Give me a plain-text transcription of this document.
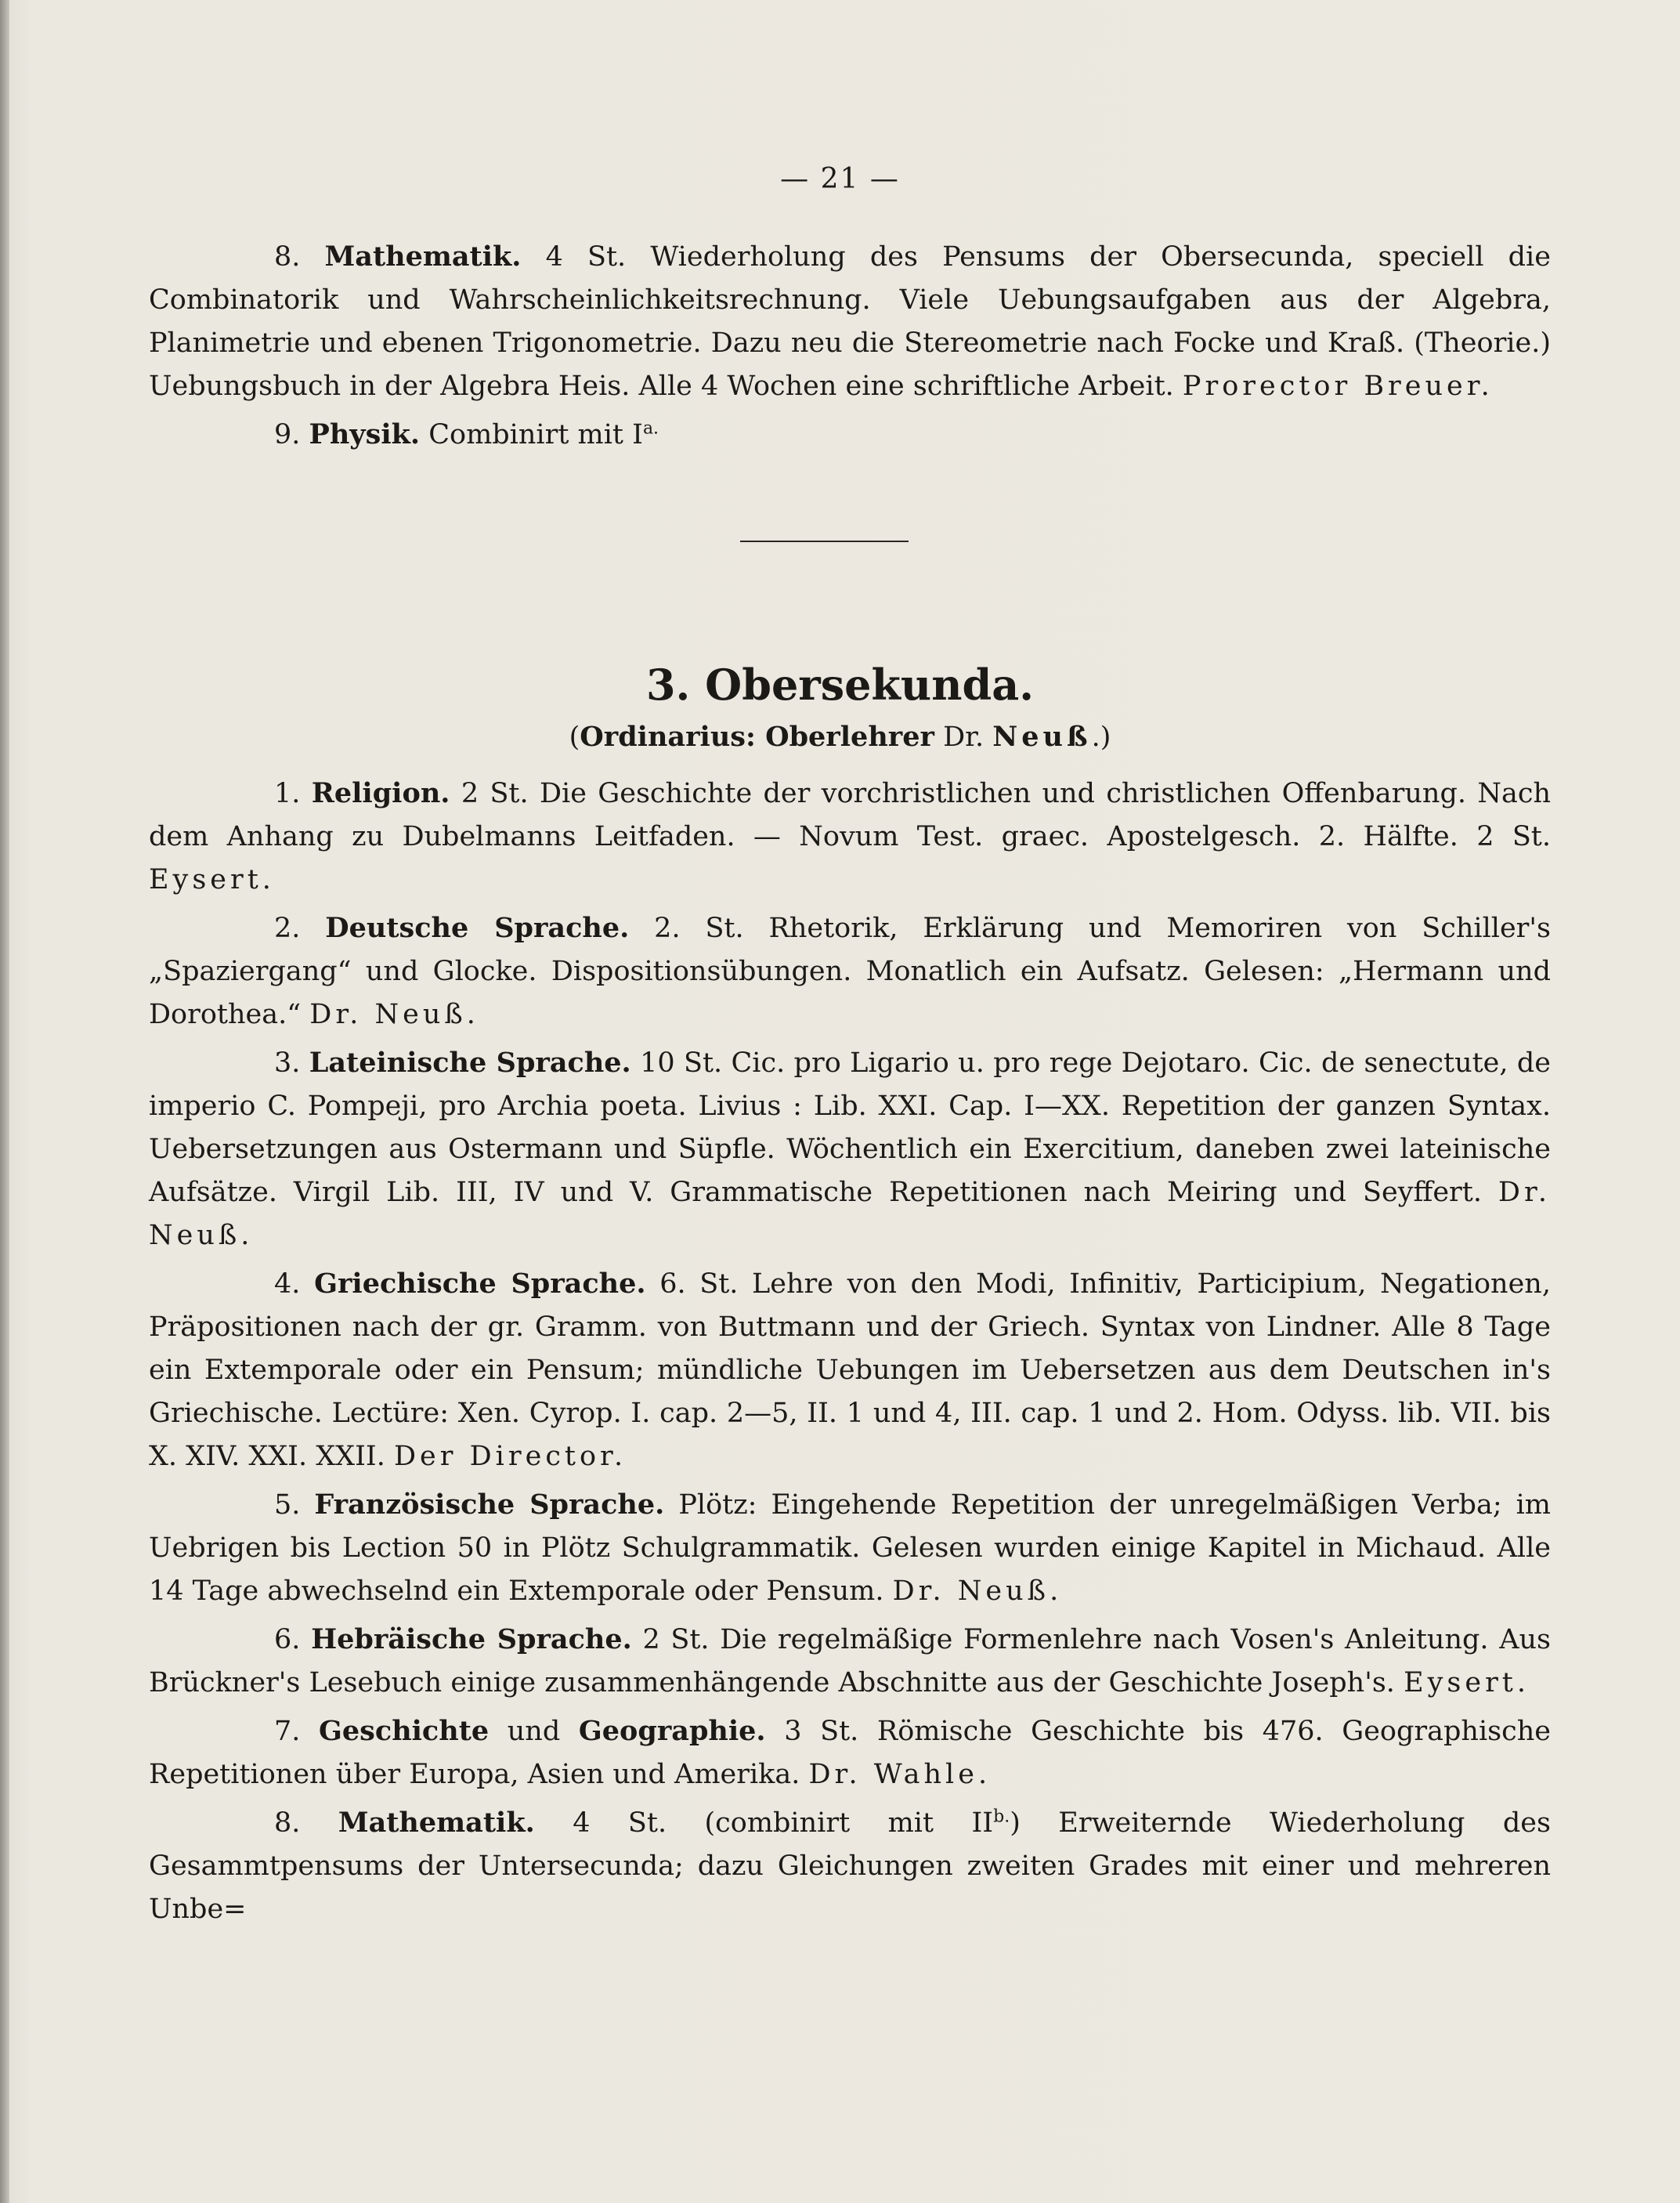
— 21 —

8. Mathematik. 4 St. Wiederholung des Pensums der Obersecunda, speciell die Combinatorik und Wahrscheinlichkeitsrechnung. Viele Uebungsaufgaben aus der Algebra, Planimetrie und ebenen Trigonometrie. Dazu neu die Stereometrie nach Focke und Kraß. (Theorie.) Uebungsbuch in der Algebra Heis. Alle 4 Wochen eine schriftliche Arbeit. Prorector Breuer.

9. Physik. Combinirt mit $I^{a.}$

3. Obersekunda.
(Ordinarius: Oberlehrer Dr. Neuß.)

1. Religion. 2 St. Die Geschichte der vorchristlichen und christlichen Offenbarung. Nach dem Anhang zu Dubelmanns Leitfaden. — Novum Test. graec. Apostelgesch. 2. Hälfte. 2 St. Eysert.

2. Deutsche Sprache. 2. St. Rhetorik, Erklärung und Memoriren von Schiller's „Spaziergang“ und Glocke. Dispositionsübungen. Monatlich ein Aufsatz. Gelesen: „Hermann und Dorothea.“ Dr. Neuß.

3. Lateinische Sprache. 10 St. Cic. pro Ligario u. pro rege Dejotaro. Cic. de senectute, de imperio C. Pompeji, pro Archia poeta. Livius : Lib. XXI. Cap. I—XX. Repetition der ganzen Syntax. Uebersetzungen aus Ostermann und Süpfle. Wöchentlich ein Exercitium, daneben zwei lateinische Aufsätze. Virgil Lib. III, IV und V. Grammatische Repetitionen nach Meiring und Seyffert. Dr. Neuß.

4. Griechische Sprache. 6. St. Lehre von den Modi, Infinitiv, Participium, Negationen, Präpositionen nach der gr. Gramm. von Buttmann und der Griech. Syntax von Lindner. Alle 8 Tage ein Extemporale oder ein Pensum; mündliche Uebungen im Uebersetzen aus dem Deutschen in's Griechische. Lectüre: Xen. Cyrop. I. cap. 2—5, II. 1 und 4, III. cap. 1 und 2. Hom. Odyss. lib. VII. bis X. XIV. XXI. XXII. Der Director.

5. Französische Sprache. Plötz: Eingehende Repetition der unregelmäßigen Verba; im Uebrigen bis Lection 50 in Plötz Schulgrammatik. Gelesen wurden einige Kapitel in Michaud. Alle 14 Tage abwechselnd ein Extemporale oder Pensum. Dr. Neuß.

6. Hebräische Sprache. 2 St. Die regelmäßige Formenlehre nach Vosen's Anleitung. Aus Brückner's Lesebuch einige zusammenhängende Abschnitte aus der Geschichte Joseph's. Eysert.

7. Geschichte und Geographie. 3 St. Römische Geschichte bis 476. Geographische Repetitionen über Europa, Asien und Amerika. Dr. Wahle.

8. Mathematik. 4 St. (combinirt mit $II^{b.}$) Erweiternde Wiederholung des Gesammtpensums der Untersecunda; dazu Gleichungen zweiten Grades mit einer und mehreren Unbe=
